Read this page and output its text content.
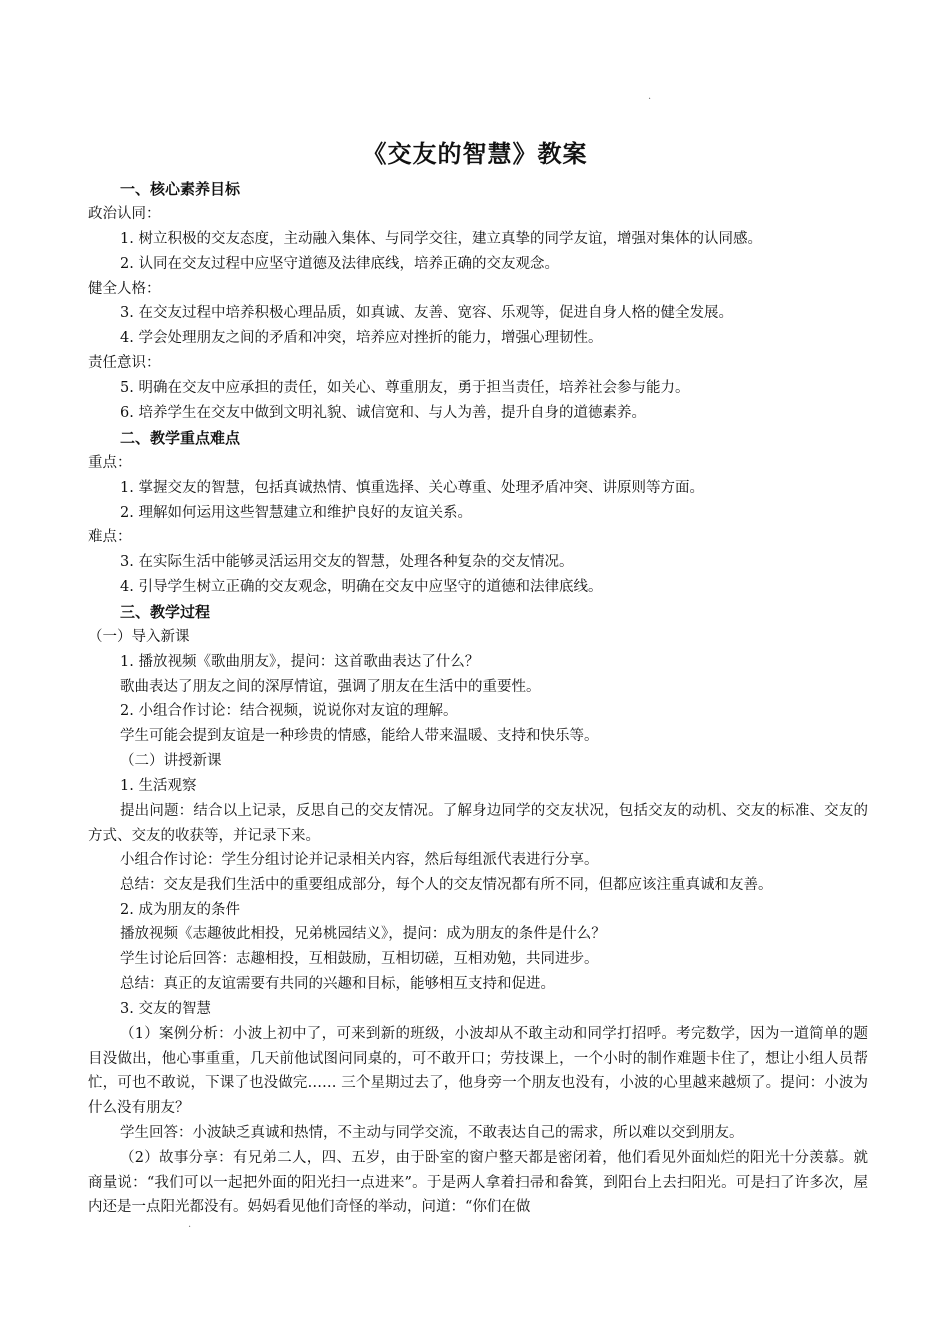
·
《交友的智慧》教案
一、核心素养目标
政治认同：
1. 树立积极的交友态度，主动融入集体、与同学交往，建立真挚的同学友谊，增强对集体的认同感。
2. 认同在交友过程中应坚守道德及法律底线，培养正确的交友观念。
健全人格：
3. 在交友过程中培养积极心理品质，如真诚、友善、宽容、乐观等，促进自身人格的健全发展。
4. 学会处理朋友之间的矛盾和冲突，培养应对挫折的能力，增强心理韧性。
责任意识：
5. 明确在交友中应承担的责任，如关心、尊重朋友，勇于担当责任，培养社会参与能力。
6. 培养学生在交友中做到文明礼貌、诚信宽和、与人为善，提升自身的道德素养。
二、教学重点难点
重点：
1. 掌握交友的智慧，包括真诚热情、慎重选择、关心尊重、处理矛盾冲突、讲原则等方面。
2. 理解如何运用这些智慧建立和维护良好的友谊关系。
难点：
3. 在实际生活中能够灵活运用交友的智慧，处理各种复杂的交友情况。
4. 引导学生树立正确的交友观念，明确在交友中应坚守的道德和法律底线。
三、教学过程
（一）导入新课
1. 播放视频《歌曲朋友》，提问：这首歌曲表达了什么？
歌曲表达了朋友之间的深厚情谊，强调了朋友在生活中的重要性。
2. 小组合作讨论：结合视频，说说你对友谊的理解。
学生可能会提到友谊是一种珍贵的情感，能给人带来温暖、支持和快乐等。
（二）讲授新课
1. 生活观察
提出问题：结合以上记录，反思自己的交友情况。了解身边同学的交友状况，包括交友的动机、交友的标准、交友的方式、交友的收获等，并记录下来。
小组合作讨论：学生分组讨论并记录相关内容，然后每组派代表进行分享。
总结：交友是我们生活中的重要组成部分，每个人的交友情况都有所不同，但都应该注重真诚和友善。
2. 成为朋友的条件
播放视频《志趣彼此相投，兄弟桃园结义》，提问：成为朋友的条件是什么？
学生讨论后回答：志趣相投，互相鼓励，互相切磋，互相劝勉，共同进步。
总结：真正的友谊需要有共同的兴趣和目标，能够相互支持和促进。
3. 交友的智慧
（1）案例分析：小波上初中了，可来到新的班级，小波却从不敢主动和同学打招呼。考完数学，因为一道简单的题目没做出，他心事重重，几天前他试图问同桌的，可不敢开口；劳技课上，一个小时的制作难题卡住了，想让小组人员帮忙，可也不敢说，下课了也没做完…… 三个星期过去了，他身旁一个朋友也没有，小波的心里越来越烦了。提问：小波为什么没有朋友？
学生回答：小波缺乏真诚和热情，不主动与同学交流，不敢表达自己的需求，所以难以交到朋友。
（2）故事分享：有兄弟二人，四、五岁，由于卧室的窗户整天都是密闭着，他们看见外面灿烂的阳光十分羡慕。就商量说：“我们可以一起把外面的阳光扫一点进来”。于是两人拿着扫帚和畚箕，到阳台上去扫阳光。可是扫了许多次，屋内还是一点阳光都没有。妈妈看见他们奇怪的举动，问道：“你们在做
·
